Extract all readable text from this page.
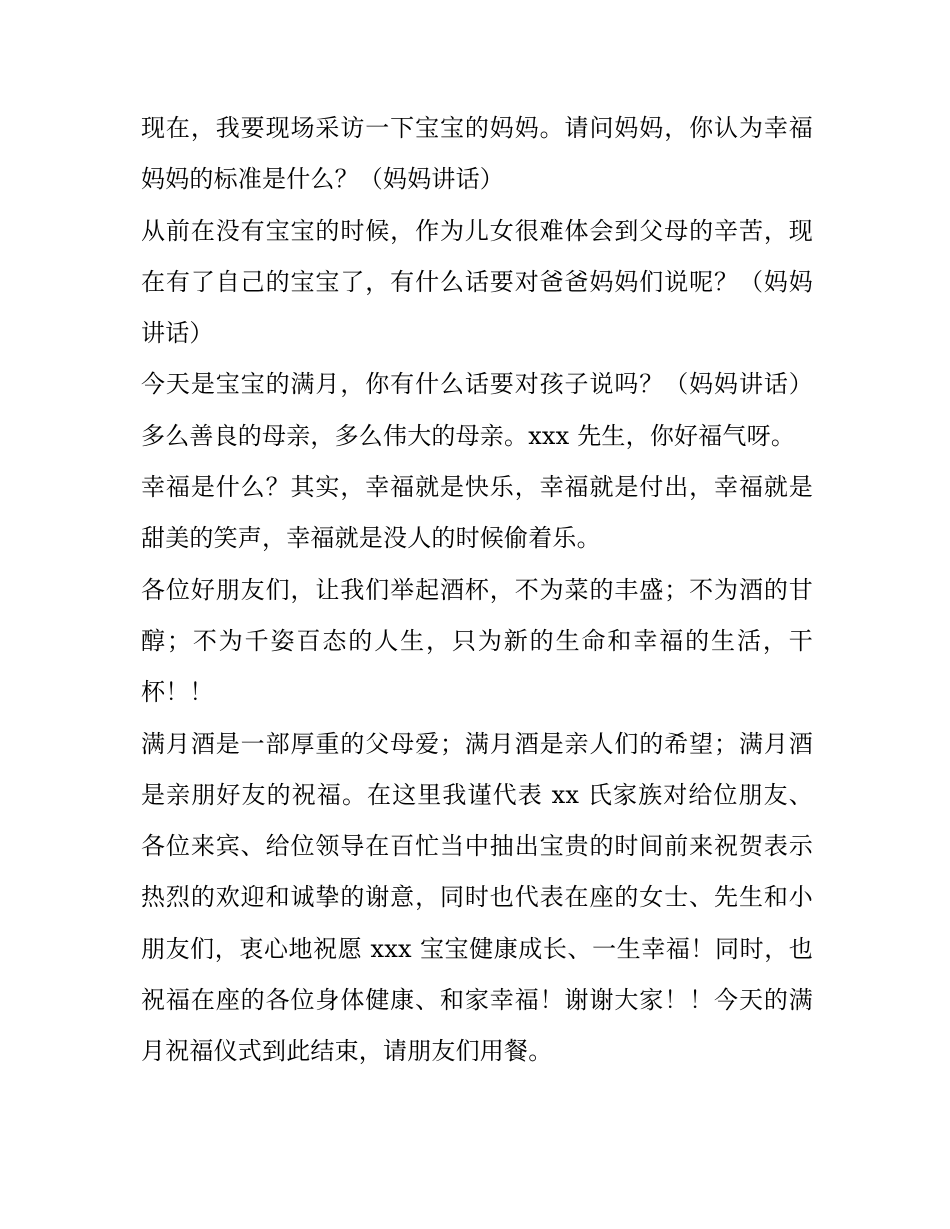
现在，我要现场采访一下宝宝的妈妈。请问妈妈，你认为幸福妈妈的标准是什么？（妈妈讲话）

从前在没有宝宝的时候，作为儿女很难体会到父母的辛苦，现在有了自己的宝宝了，有什么话要对爸爸妈妈们说呢？（妈妈讲话）

今天是宝宝的满月，你有什么话要对孩子说吗？（妈妈讲话） 多么善良的母亲，多么伟大的母亲。xxx 先生，你好福气呀。

幸福是什么？其实，幸福就是快乐，幸福就是付出，幸福就是甜美的笑声，幸福就是没人的时候偷着乐。

各位好朋友们，让我们举起酒杯，不为菜的丰盛；不为酒的甘醇；不为千姿百态的人生，只为新的生命和幸福的生活，干杯！！

满月酒是一部厚重的父母爱；满月酒是亲人们的希望；满月酒是亲朋好友的祝福。在这里我谨代表 xx 氏家族对给位朋友、各位来宾、给位领导在百忙当中抽出宝贵的时间前来祝贺表示热烈的欢迎和诚挚的谢意，同时也代表在座的女士、先生和小朋友们，衷心地祝愿 xxx 宝宝健康成长、一生幸福！同时，也祝福在座的各位身体健康、和家幸福！谢谢大家！！今天的满月祝福仪式到此结束，请朋友们用餐。
